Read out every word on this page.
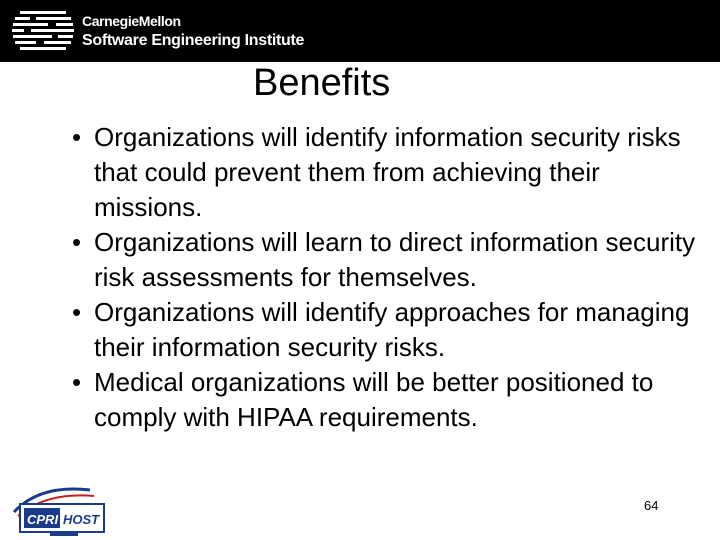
CarnegieMellon
Software Engineering Institute
Benefits
• Organizations will identify information security risks that could prevent them from achieving their missions.
• Organizations will learn to direct information security risk assessments for themselves.
• Organizations will identify approaches for managing their information security risks.
• Medical organizations will be better positioned to comply with HIPAA requirements.
CPRI HOST
64
